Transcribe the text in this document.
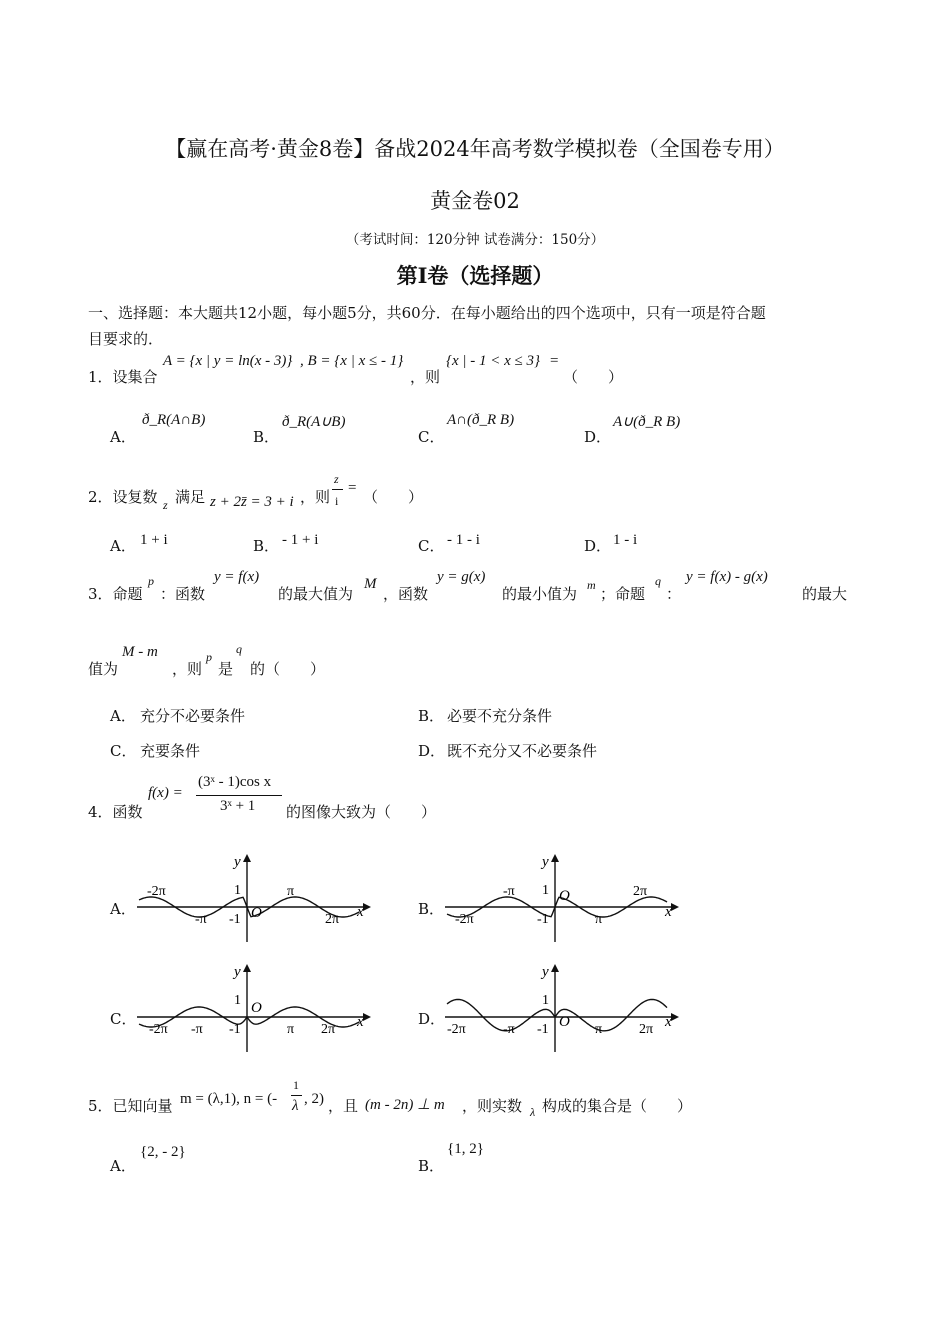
【赢在高考·黄金8卷】备战2024年高考数学模拟卷（全国卷专用）
黄金卷02
（考试时间：120分钟 试卷满分：150分）
第Ⅰ卷（选择题）
一、选择题：本大题共12小题，每小题5分，共60分．在每小题给出的四个选项中，只有一项是符合题
目要求的．
1．设集合
A = {x | y = ln(x - 3)} , B = {x | x ≤ - 1}
，则
{x | - 1 < x ≤ 3} =
（　　）
A．
ð_R(A∩B)
B．
ð_R(A∪B)
C．
A∩(ð_R B)
D．
A∪(ð_R B)
2．设复数 z 满足 z + 2z̄ = 3 + i ，则
z
i
= （　　）
A． 1 + i	B． - 1 + i	C． - 1 - i	D． 1 - i
3．命题
p
：函数
y = f(x)
的最大值为
M
，函数
y = g(x)
的最小值为 m ；命题
q
：
y = f(x) - g(x)
的最大
值为
M - m
，则
p
是
q
的（　　）
A． 充分不必要条件	B． 必要不充分条件
C． 充要条件	D． 既不充分又不必要条件
4．函数
f(x) =
(3ˣ - 1)cos x
3ˣ + 1 的图像大致为（　　）
A．	B．
C．	D．
y
x
1
-1 O
-2π
-π
π
2π
y
x
1
-1
O
-2π
-π
π
2π
y
x
1
-1
O
-2π -π	π 2π
y
x
1
-1 O
-2π	-π	π	2π
5．已知向量 m = (λ,1), n = (-
1
λ , 2) ，且 (m - 2n) ⊥ m ，则实数 λ 构成的集合是（　　）
A．
{2, - 2}
B．
{1, 2}
